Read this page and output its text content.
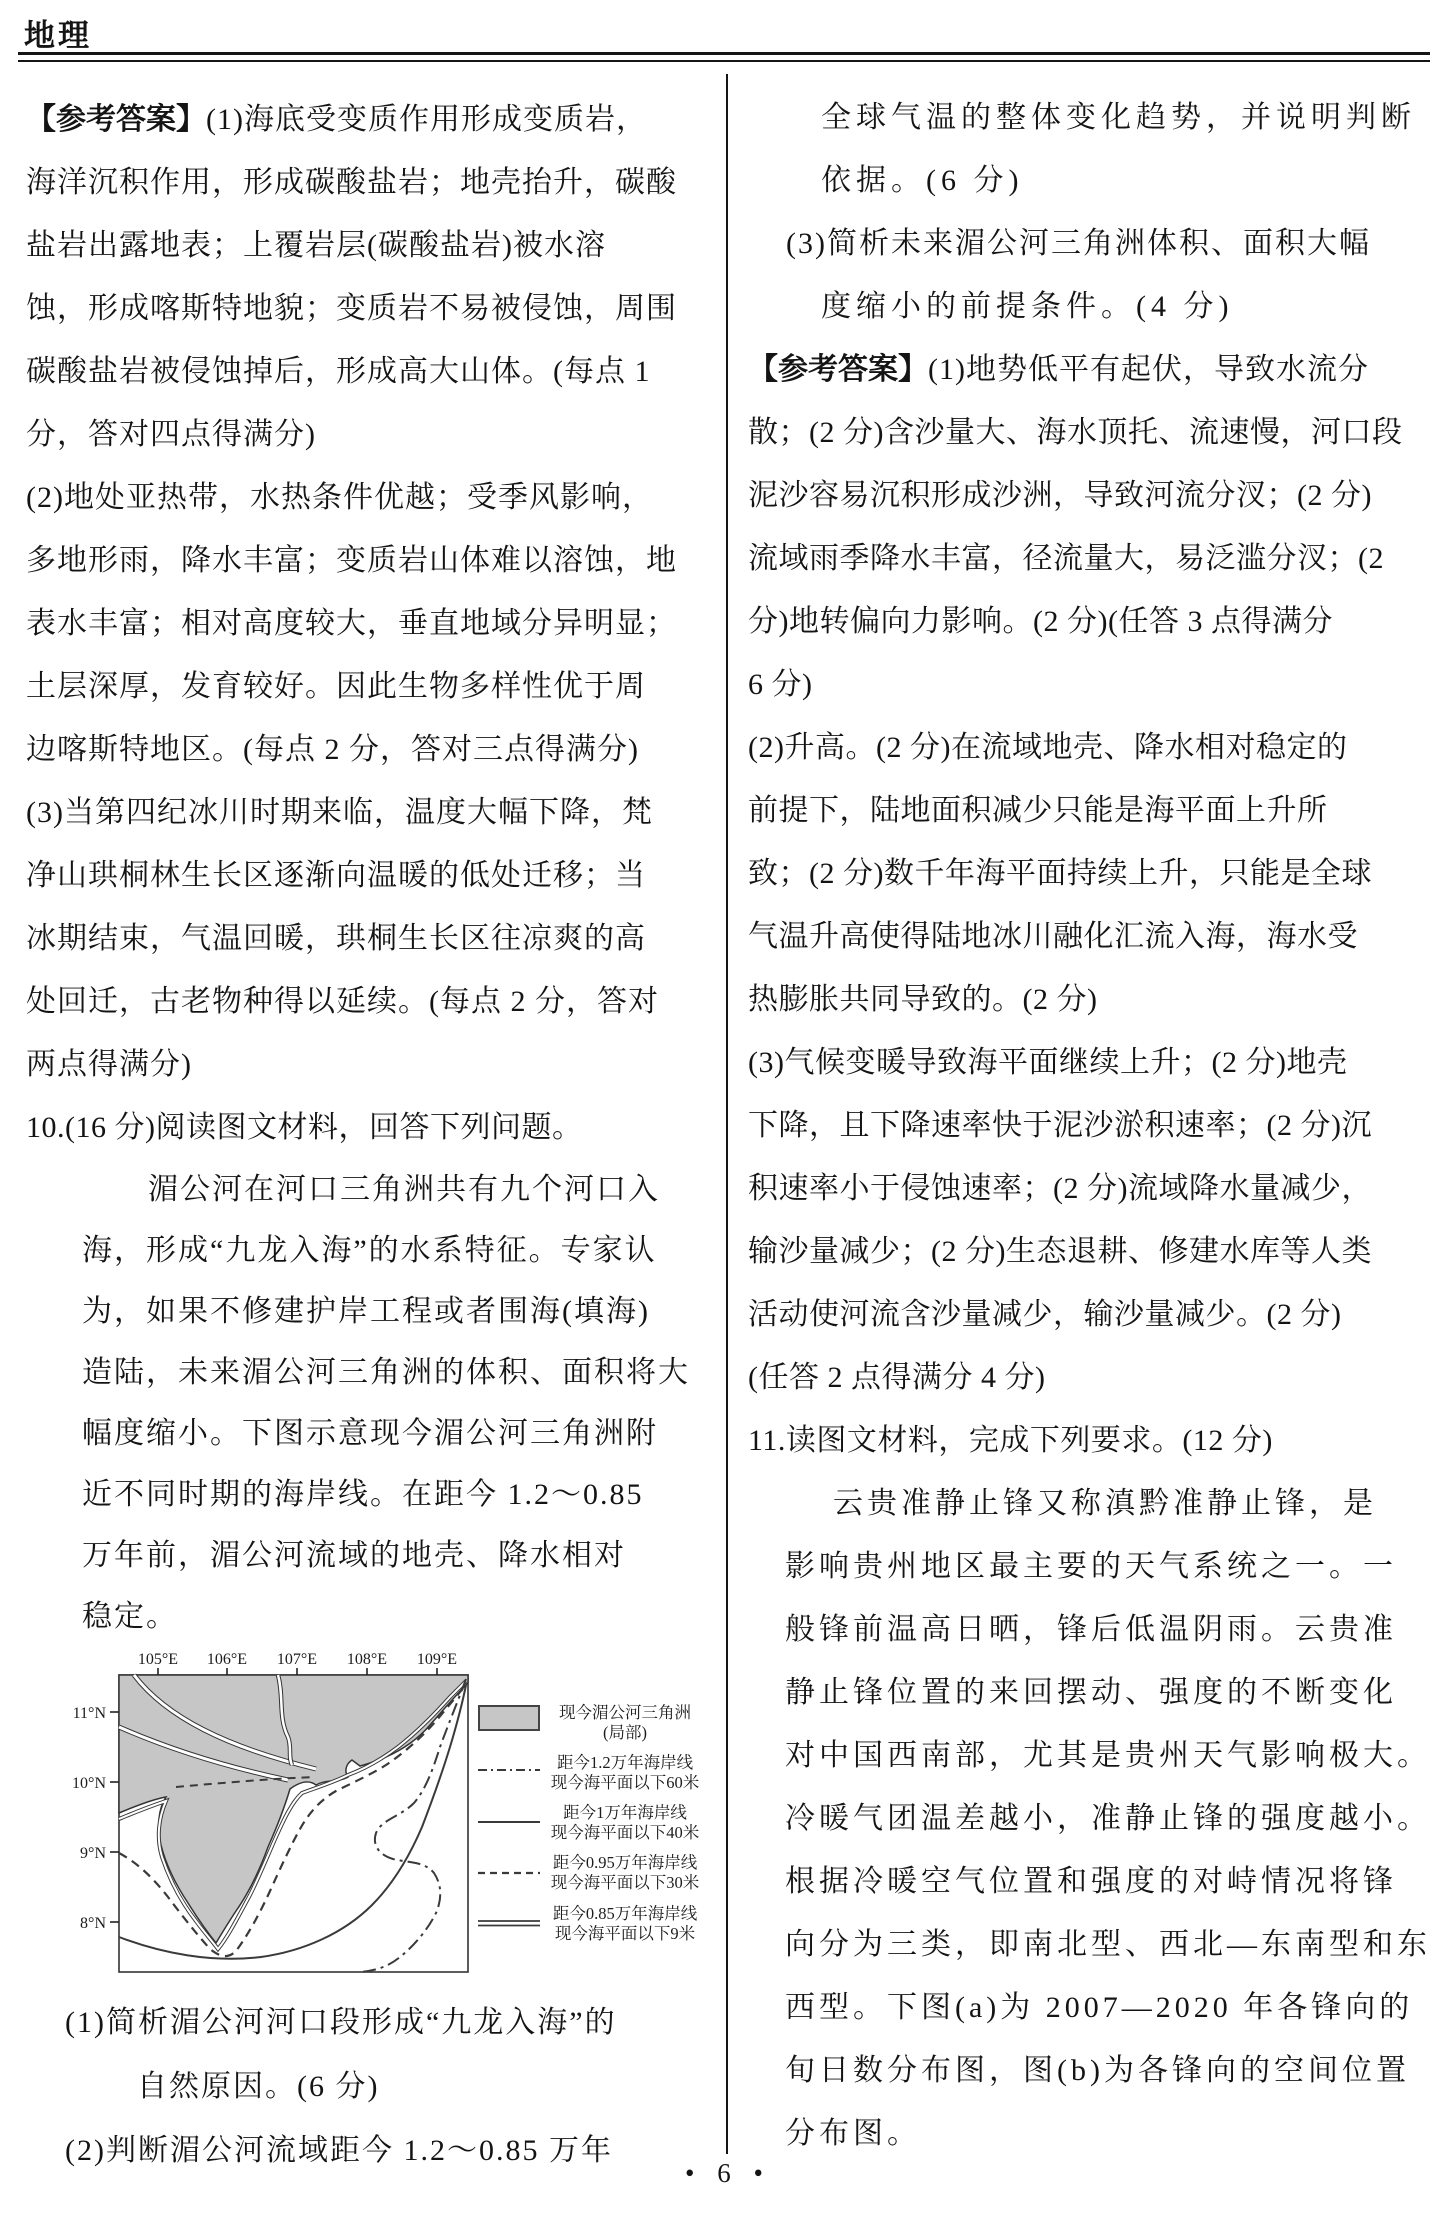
地理
【参考答案】(1)海底受变质作用形成变质岩，
海洋沉积作用，形成碳酸盐岩；地壳抬升，碳酸
盐岩出露地表；上覆岩层(碳酸盐岩)被水溶
蚀，形成喀斯特地貌；变质岩不易被侵蚀，周围
碳酸盐岩被侵蚀掉后，形成高大山体。(每点 1
分，答对四点得满分)
(2)地处亚热带，水热条件优越；受季风影响，
多地形雨，降水丰富；变质岩山体难以溶蚀，地
表水丰富；相对高度较大，垂直地域分异明显；
土层深厚，发育较好。因此生物多样性优于周
边喀斯特地区。(每点 2 分，答对三点得满分)
(3)当第四纪冰川时期来临，温度大幅下降，梵
净山珙桐林生长区逐渐向温暖的低处迁移；当
冰期结束，气温回暖，珙桐生长区往凉爽的高
处回迁，古老物种得以延续。(每点 2 分，答对
两点得满分)
10.(16 分)阅读图文材料，回答下列问题。
湄公河在河口三角洲共有九个河口入
海，形成“九龙入海”的水系特征。专家认
为，如果不修建护岸工程或者围海(填海)
造陆，未来湄公河三角洲的体积、面积将大
幅度缩小。下图示意现今湄公河三角洲附
近不同时期的海岸线。在距今 1.2～0.85
万年前，湄公河流域的地壳、降水相对
稳定。
105°E 106°E 107°E 108°E 109°E
11°N
10°N
9°N
8°N
现今湄公河三角洲
(局部)
距今1.2万年海岸线
现今海平面以下60米
距今1万年海岸线
现今海平面以下40米
距今0.95万年海岸线
现今海平面以下30米
距今0.85万年海岸线
现今海平面以下9米
(1)简析湄公河河口段形成“九龙入海”的
自然原因。(6 分)
(2)判断湄公河流域距今 1.2～0.85 万年
全球气温的整体变化趋势，并说明判断
依据。(6 分)
(3)简析未来湄公河三角洲体积、面积大幅
度缩小的前提条件。(4 分)
【参考答案】(1)地势低平有起伏，导致水流分
散；(2 分)含沙量大、海水顶托、流速慢，河口段
泥沙容易沉积形成沙洲，导致河流分汊；(2 分)
流域雨季降水丰富，径流量大，易泛滥分汊；(2
分)地转偏向力影响。(2 分)(任答 3 点得满分
6 分)
(2)升高。(2 分)在流域地壳、降水相对稳定的
前提下，陆地面积减少只能是海平面上升所
致；(2 分)数千年海平面持续上升，只能是全球
气温升高使得陆地冰川融化汇流入海，海水受
热膨胀共同导致的。(2 分)
(3)气候变暖导致海平面继续上升；(2 分)地壳
下降，且下降速率快于泥沙淤积速率；(2 分)沉
积速率小于侵蚀速率；(2 分)流域降水量减少，
输沙量减少；(2 分)生态退耕、修建水库等人类
活动使河流含沙量减少，输沙量减少。(2 分)
(任答 2 点得满分 4 分)
11.读图文材料，完成下列要求。(12 分)
云贵准静止锋又称滇黔准静止锋，是
影响贵州地区最主要的天气系统之一。一
般锋前温高日晒，锋后低温阴雨。云贵准
静止锋位置的来回摆动、强度的不断变化
对中国西南部，尤其是贵州天气影响极大。
冷暖气团温差越小，准静止锋的强度越小。
根据冷暖空气位置和强度的对峙情况将锋
向分为三类，即南北型、西北—东南型和东
西型。下图(a)为 2007—2020 年各锋向的
旬日数分布图，图(b)为各锋向的空间位置
分布图。
• 6 •
